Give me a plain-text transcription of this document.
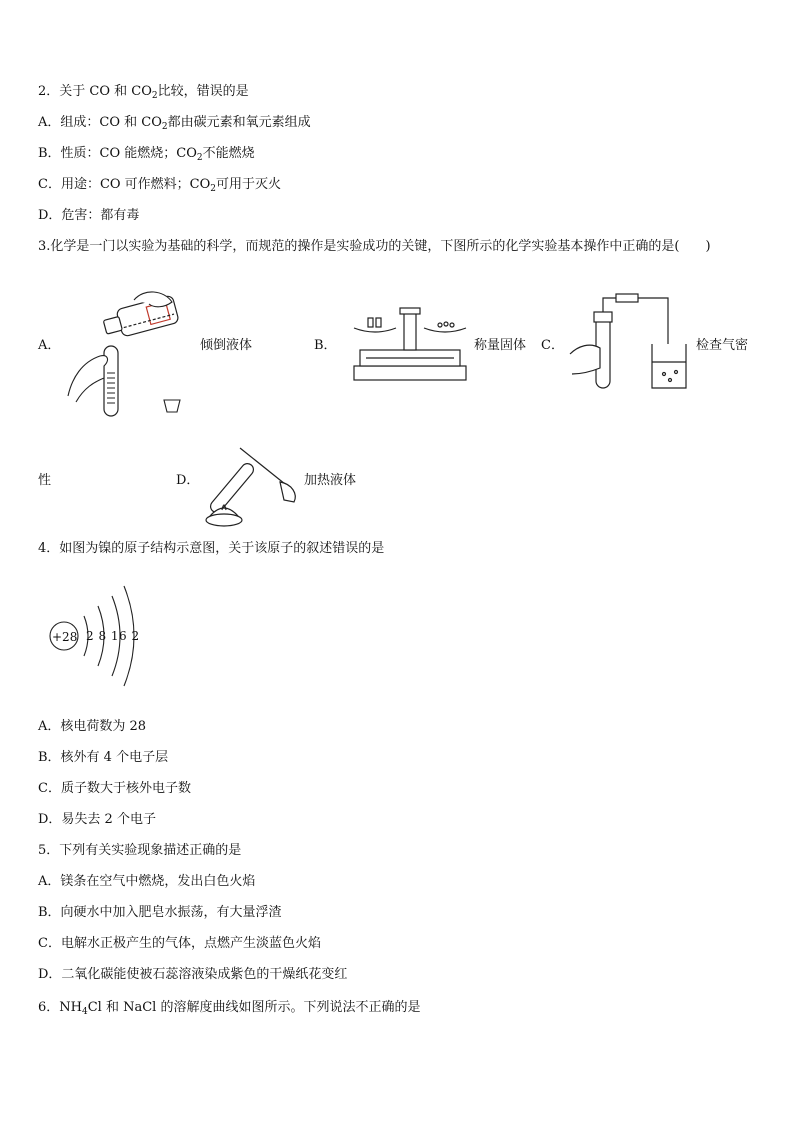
2．关于 CO 和 $CO_2$比较，错误的是
A．组成：CO 和 $CO_2$都由碳元素和氧元素组成
B．性质：CO 能燃烧；$CO_2$不能燃烧
C．用途：CO 可作燃料；$CO_2$可用于灭火
D．危害：都有毒
3.化学是一门以实验为基础的科学，而规范的操作是实验成功的关键，下图所示的化学实验基本操作中正确的是(　　)
A．	倾倒液体	B．	称量固体 C．	检查气密
性	D．	加热液体
4．如图为镍的原子结构示意图，关于该原子的叙述错误的是
+28 2 8 16 2
A．核电荷数为 28
B．核外有 4 个电子层
C．质子数大于核外电子数
D．易失去 2 个电子
5．下列有关实验现象描述正确的是
A．镁条在空气中燃烧，发出白色火焰
B．向硬水中加入肥皂水振荡，有大量浮渣
C．电解水正极产生的气体，点燃产生淡蓝色火焰
D．二氧化碳能使被石蕊溶液染成紫色的干燥纸花变红
6．$NH_4Cl$ 和 NaCl 的溶解度曲线如图所示。下列说法不正确的是
